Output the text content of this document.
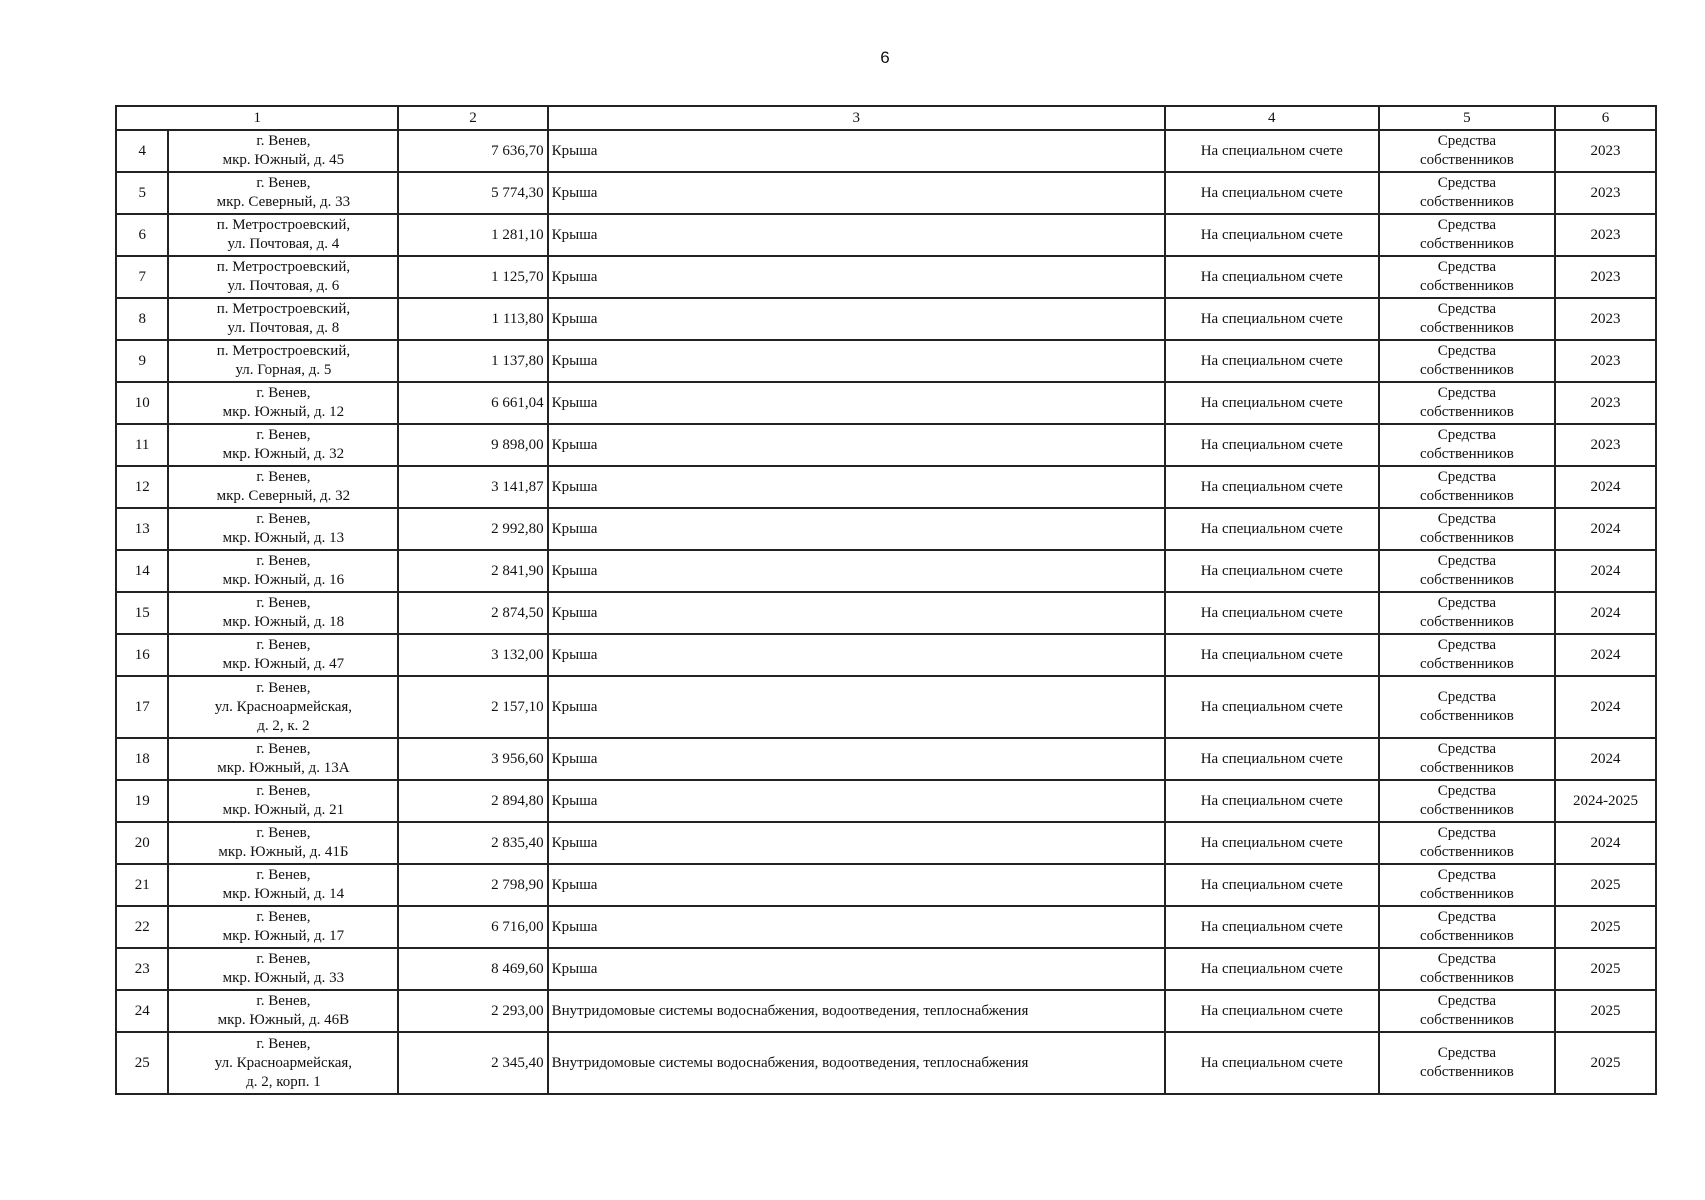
6
1		2	3	4	5	6
4	г. Венев,
мкр. Южный, д. 45	7 636,70	Крыша	На специальном счете	Средства
собственников	2023
5	г. Венев,
мкр. Северный, д. 33	5 774,30	Крыша	На специальном счете	Средства
собственников	2023
6	п. Метростроевский,
ул. Почтовая, д. 4	1 281,10	Крыша	На специальном счете	Средства
собственников	2023
7	п. Метростроевский,
ул. Почтовая, д. 6	1 125,70	Крыша	На специальном счете	Средства
собственников	2023
8	п. Метростроевский,
ул. Почтовая, д. 8	1 113,80	Крыша	На специальном счете	Средства
собственников	2023
9	п. Метростроевский,
ул. Горная, д. 5	1 137,80	Крыша	На специальном счете	Средства
собственников	2023
10	г. Венев,
мкр. Южный, д. 12	6 661,04	Крыша	На специальном счете	Средства
собственников	2023
11	г. Венев,
мкр. Южный, д. 32	9 898,00	Крыша	На специальном счете	Средства
собственников	2023
12	г. Венев,
мкр. Северный, д. 32	3 141,87	Крыша	На специальном счете	Средства
собственников	2024
13	г. Венев,
мкр. Южный, д. 13	2 992,80	Крыша	На специальном счете	Средства
собственников	2024
14	г. Венев,
мкр. Южный, д. 16	2 841,90	Крыша	На специальном счете	Средства
собственников	2024
15	г. Венев,
мкр. Южный, д. 18	2 874,50	Крыша	На специальном счете	Средства
собственников	2024
16	г. Венев,
мкр. Южный, д. 47	3 132,00	Крыша	На специальном счете	Средства
собственников	2024
17	г. Венев,
ул. Красноармейская,
д. 2, к. 2	2 157,10	Крыша	На специальном счете	Средства
собственников	2024
18	г. Венев,
мкр. Южный, д. 13А	3 956,60	Крыша	На специальном счете	Средства
собственников	2024
19	г. Венев,
мкр. Южный, д. 21	2 894,80	Крыша	На специальном счете	Средства
собственников	2024-2025
20	г. Венев,
мкр. Южный, д. 41Б	2 835,40	Крыша	На специальном счете	Средства
собственников	2024
21	г. Венев,
мкр. Южный, д. 14	2 798,90	Крыша	На специальном счете	Средства
собственников	2025
22	г. Венев,
мкр. Южный, д. 17	6 716,00	Крыша	На специальном счете	Средства
собственников	2025
23	г. Венев,
мкр. Южный, д. 33	8 469,60	Крыша	На специальном счете	Средства
собственников	2025
24	г. Венев,
мкр. Южный, д. 46В	2 293,00	Внутридомовые системы водоснабжения, водоотведения, теплоснабжения	На специальном счете	Средства
собственников	2025
25	г. Венев,
ул. Красноармейская,
д. 2, корп. 1	2 345,40	Внутридомовые системы водоснабжения, водоотведения, теплоснабжения	На специальном счете	Средства
собственников	2025
